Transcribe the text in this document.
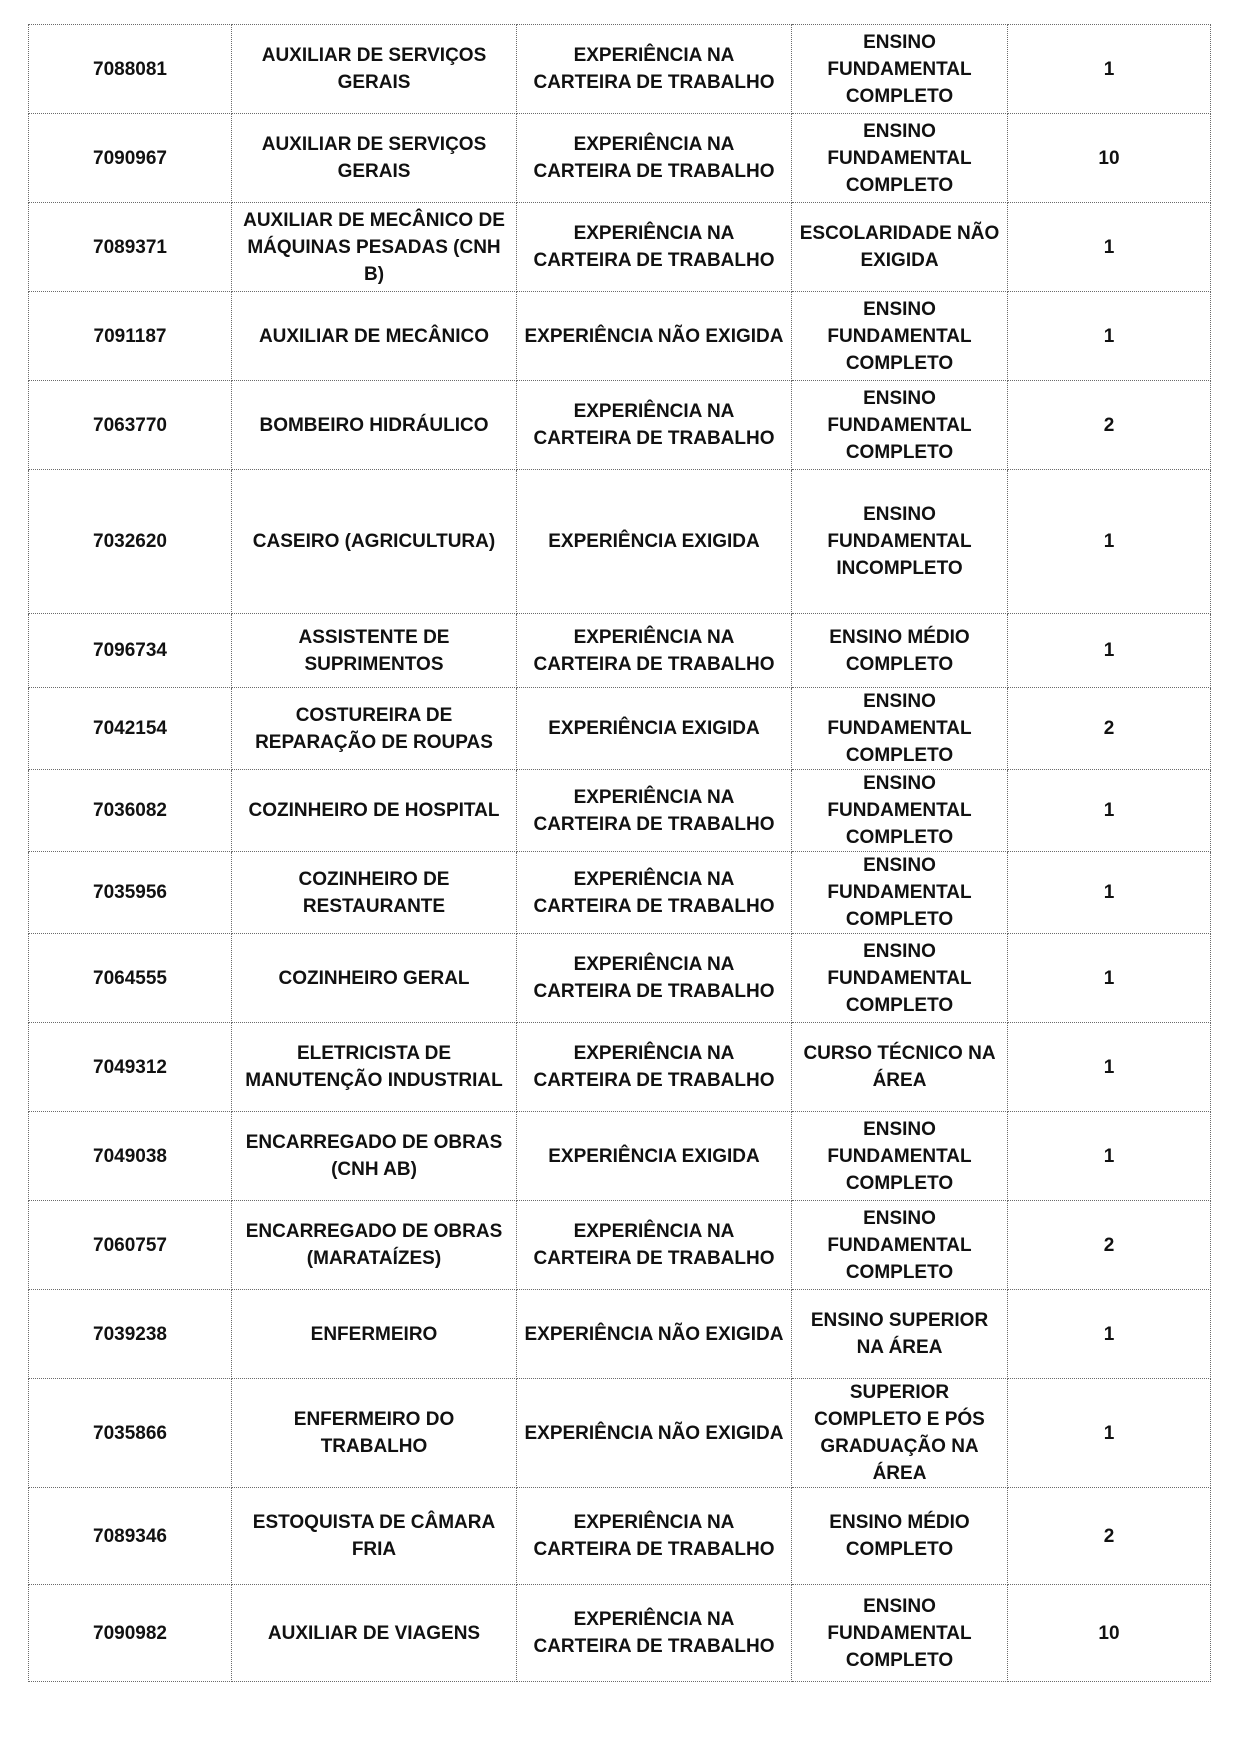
7088081	AUXILIAR DE SERVIÇOS GERAIS	EXPERIÊNCIA NA CARTEIRA DE TRABALHO	ENSINO FUNDAMENTAL COMPLETO	1
7090967	AUXILIAR DE SERVIÇOS GERAIS	EXPERIÊNCIA NA CARTEIRA DE TRABALHO	ENSINO FUNDAMENTAL COMPLETO	10
7089371	AUXILIAR DE MECÂNICO DE MÁQUINAS PESADAS (CNH B)	EXPERIÊNCIA NA CARTEIRA DE TRABALHO	ESCOLARIDADE NÃO EXIGIDA	1
7091187	AUXILIAR DE MECÂNICO	EXPERIÊNCIA NÃO EXIGIDA	ENSINO FUNDAMENTAL COMPLETO	1
7063770	BOMBEIRO HIDRÁULICO	EXPERIÊNCIA NA CARTEIRA DE TRABALHO	ENSINO FUNDAMENTAL COMPLETO	2
7032620	CASEIRO (AGRICULTURA)	EXPERIÊNCIA EXIGIDA	ENSINO FUNDAMENTAL INCOMPLETO	1
7096734	ASSISTENTE DE SUPRIMENTOS	EXPERIÊNCIA NA CARTEIRA DE TRABALHO	ENSINO MÉDIO COMPLETO	1
7042154	COSTUREIRA DE REPARAÇÃO DE ROUPAS	EXPERIÊNCIA EXIGIDA	ENSINO FUNDAMENTAL COMPLETO	2
7036082	COZINHEIRO DE HOSPITAL	EXPERIÊNCIA NA CARTEIRA DE TRABALHO	ENSINO FUNDAMENTAL COMPLETO	1
7035956	COZINHEIRO DE RESTAURANTE	EXPERIÊNCIA NA CARTEIRA DE TRABALHO	ENSINO FUNDAMENTAL COMPLETO	1
7064555	COZINHEIRO GERAL	EXPERIÊNCIA NA CARTEIRA DE TRABALHO	ENSINO FUNDAMENTAL COMPLETO	1
7049312	ELETRICISTA DE MANUTENÇÃO INDUSTRIAL	EXPERIÊNCIA NA CARTEIRA DE TRABALHO	CURSO TÉCNICO NA ÁREA	1
7049038	ENCARREGADO DE OBRAS (CNH AB)	EXPERIÊNCIA EXIGIDA	ENSINO FUNDAMENTAL COMPLETO	1
7060757	ENCARREGADO DE OBRAS (MARATAÍZES)	EXPERIÊNCIA NA CARTEIRA DE TRABALHO	ENSINO FUNDAMENTAL COMPLETO	2
7039238	ENFERMEIRO	EXPERIÊNCIA NÃO EXIGIDA	ENSINO SUPERIOR NA ÁREA	1
7035866	ENFERMEIRO DO TRABALHO	EXPERIÊNCIA NÃO EXIGIDA	SUPERIOR COMPLETO E PÓS GRADUAÇÃO NA ÁREA	1
7089346	ESTOQUISTA DE CÂMARA FRIA	EXPERIÊNCIA NA CARTEIRA DE TRABALHO	ENSINO MÉDIO COMPLETO	2
7090982	AUXILIAR DE VIAGENS	EXPERIÊNCIA NA CARTEIRA DE TRABALHO	ENSINO FUNDAMENTAL COMPLETO	10
